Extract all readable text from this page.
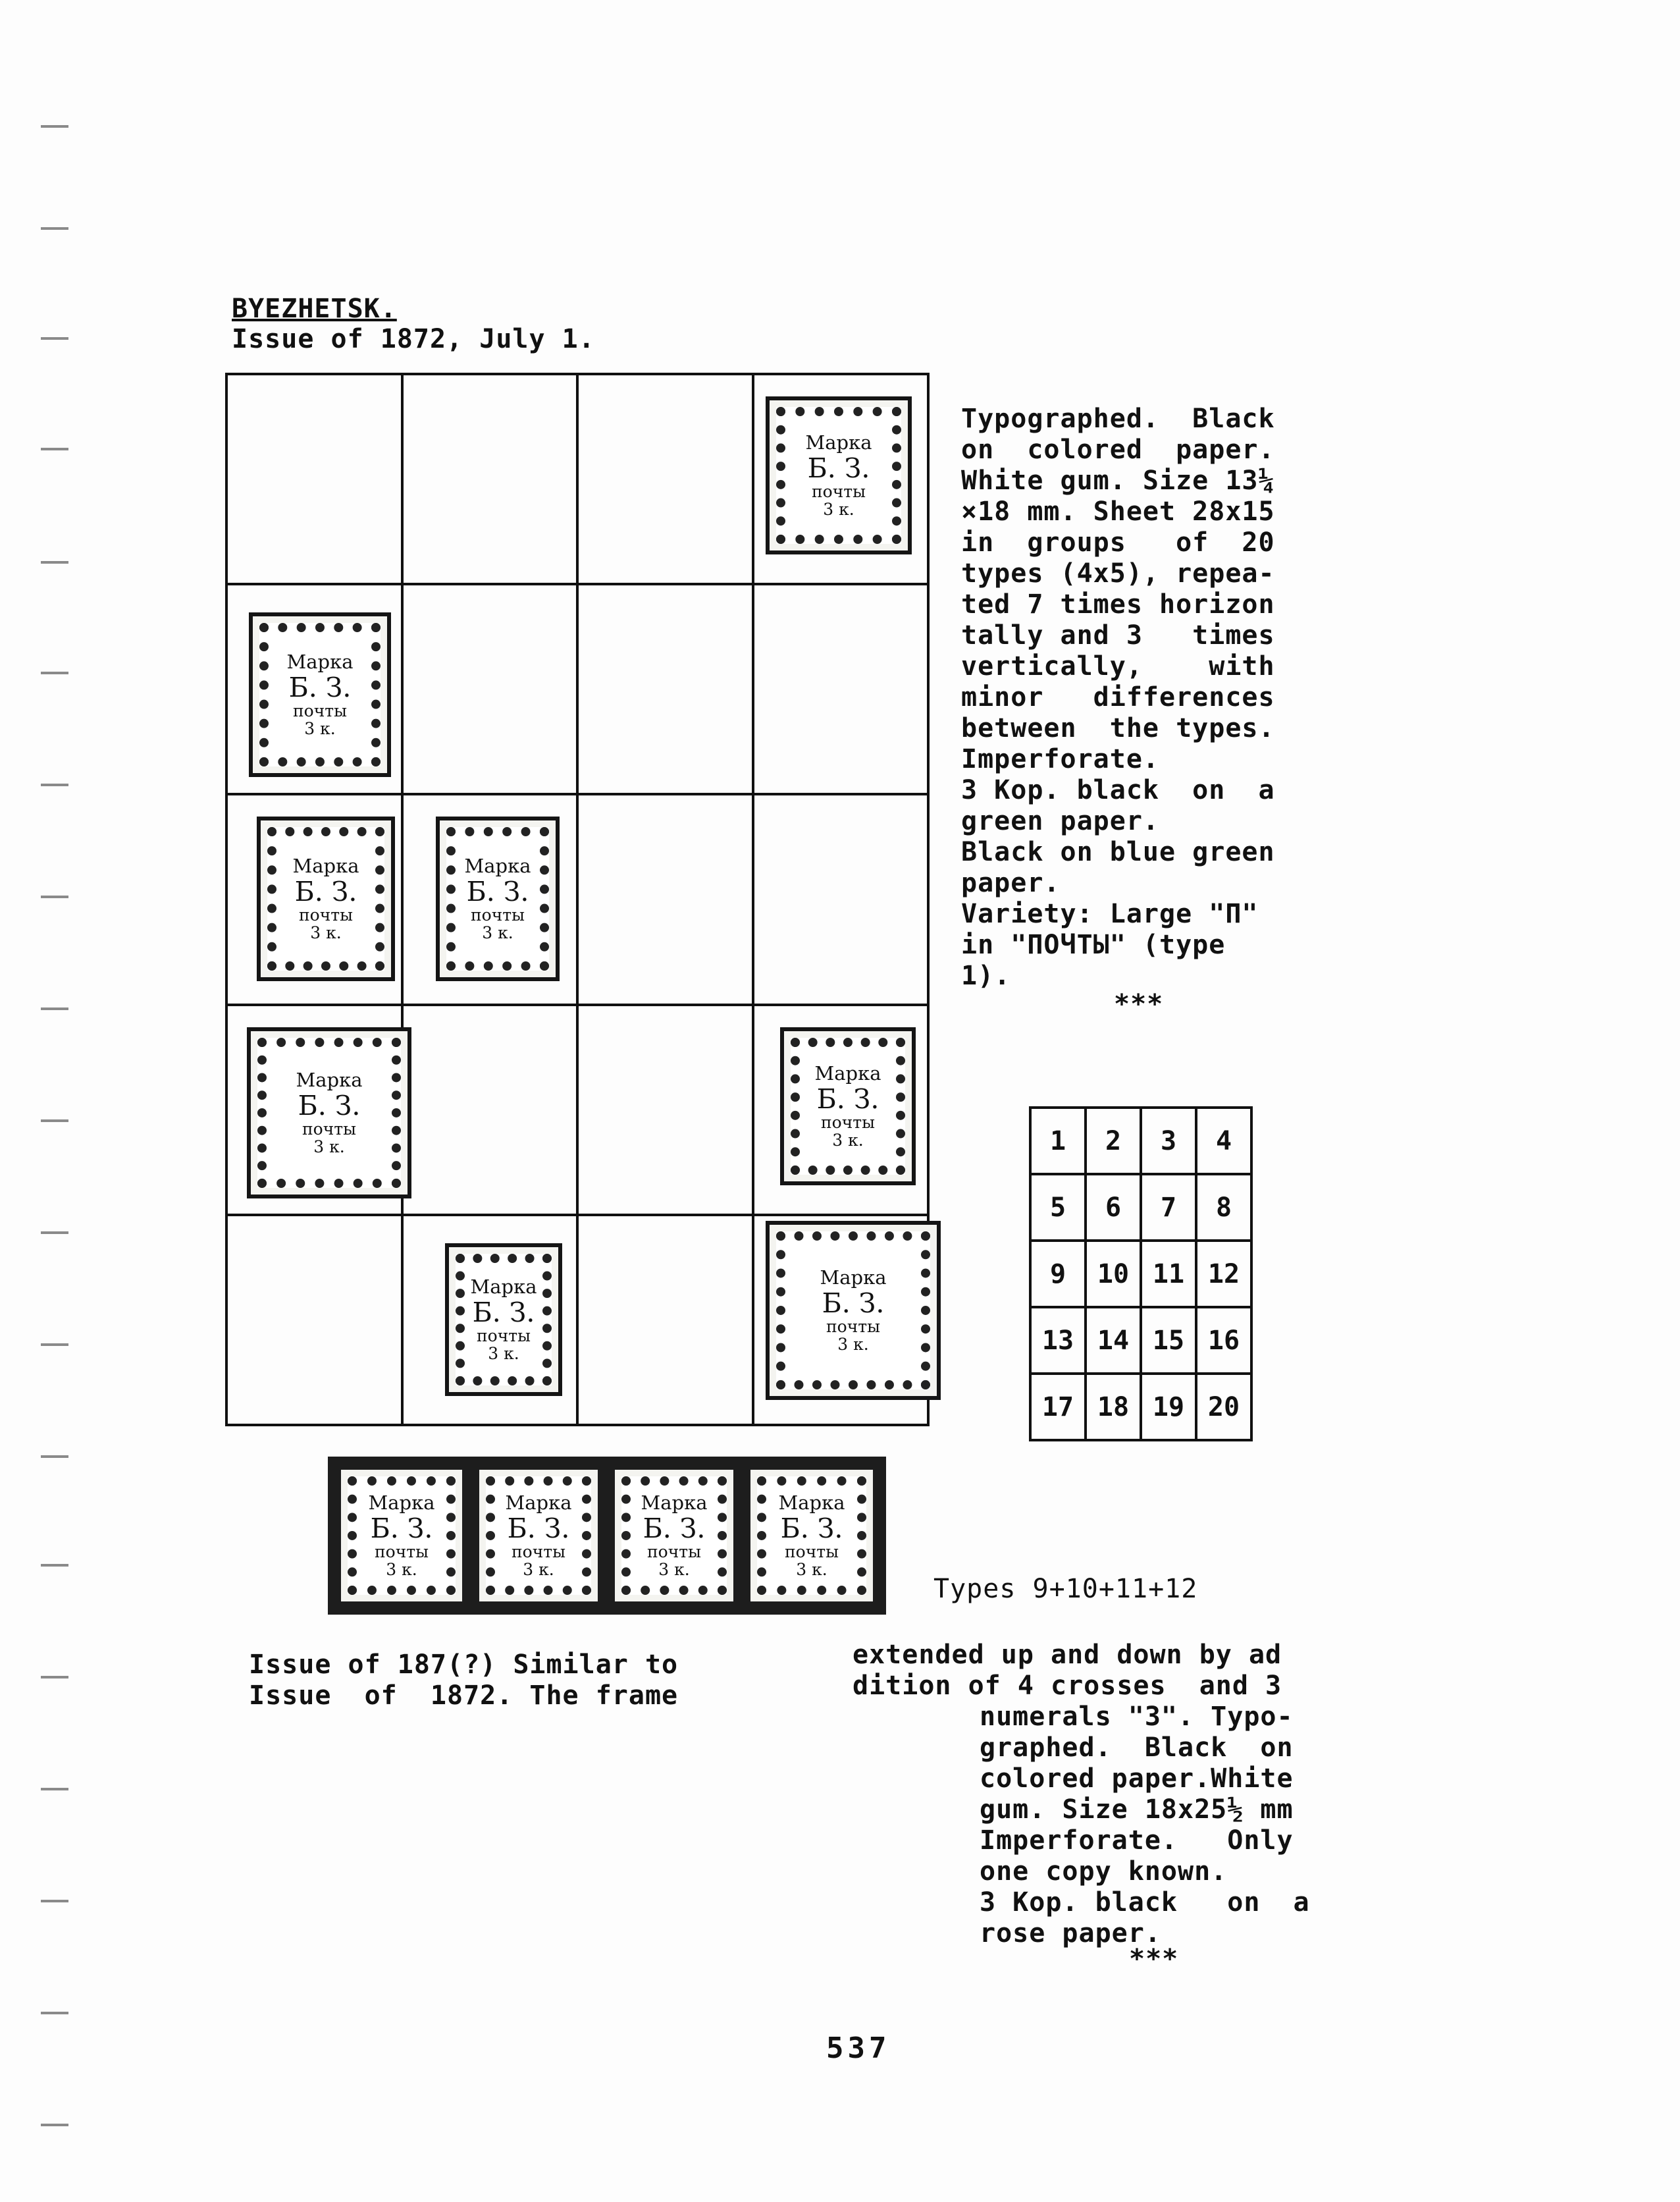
BYEZHETSK.
Issue of 1872, July 1.

Марка
Б. З.
почты
3 к.
Марка
Б. З.
почты
3 к.
Марка
Б. З.
почты
3 к.
Марка
Б. З.
почты
3 к.
Марка
Б. З.
почты
3 к.
Марка
Б. З.
почты
3 к.
Марка
Б. З.
почты
3 к.
Марка
Б. З.
почты
3 к.
Typographed.  Black
on  colored  paper.
White gum. Size 13¼
×18 mm. Sheet 28x15
in  groups   of  20
types (4x5), repea-
ted 7 times horizon
tally and 3   times
vertically,    with
minor   differences
between  the types.
Imperforate.
3 Kop. black  on  a
green paper.
Black on blue green
paper.
Variety: Large "П"
in "ПОЧТЫ" (type
1).
***
1	2	3	4
5	6	7	8
9	10	11	12
13	14	15	16
17	18	19	20
Марка
Б. З.
почты
3 к.
Марка
Б. З.
почты
3 к.
Марка
Б. З.
почты
3 к.
Марка
Б. З.
почты
3 к.
Types 9+10+11+12
Issue of 187(?) Similar to
Issue  of  1872. The frame
extended up and down by ad
dition of 4 crosses  and 3
numerals "3". Typo-
graphed.  Black  on
colored paper.White
gum. Size 18x25½ mm
Imperforate.   Only
one copy known.
3 Kop. black   on  a
rose paper.
***
537
